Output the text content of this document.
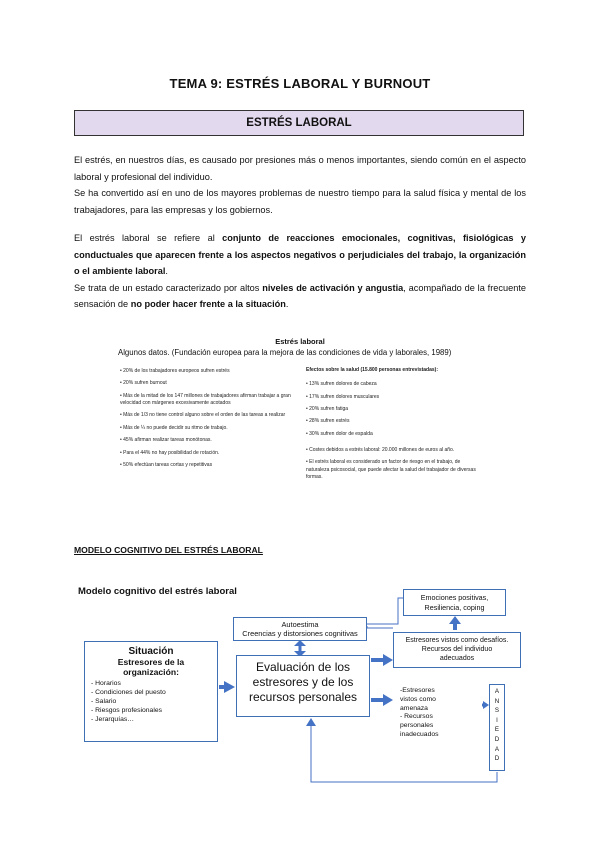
TEMA 9: ESTRÉS LABORAL Y BURNOUT
ESTRÉS LABORAL
El estrés, en nuestros días, es causado por presiones más o menos importantes, siendo común en el aspecto laboral y profesional del individuo.
Se ha convertido así en uno de los mayores problemas de nuestro tiempo para la salud física y mental de los trabajadores, para las empresas y los gobiernos.
El estrés laboral se refiere al conjunto de reacciones emocionales, cognitivas, fisiológicas y conductuales que aparecen frente a los aspectos negativos o perjudiciales del trabajo, la organización o el ambiente laboral.
Se trata de un estado caracterizado por altos niveles de activación y angustia, acompañado de la frecuente sensación de no poder hacer frente a la situación.
Estrés laboral
Algunos datos. (Fundación europea para la mejora de las condiciones de vida y laborales, 1989)
• 20% de los trabajadores europeos sufren estrés
• 20% sufren burnout
• Más de la mitad de los 147 millones de trabajadores afirman trabajar a gran velocidad con márgenes excesivamente acotados
• Más de 1/3 no tiene control alguno sobre el orden de las tareas a realizar
• Más de ¼ no puede decidir su ritmo de trabajo.
• 45% afirman realizar tareas monótonas.
• Para el 44% no hay posibilidad de rotación.
• 50% efectúan tareas cortas y repetitivas
Efectos sobre la salud (15.800 personas entrevistadas):
• 13% sufren dolores de cabeza
• 17% sufren dolores musculares
• 20% sufren fatiga
• 28% sufren estrés
• 30% sufren dolor de espalda
• Costes debidos a estrés laboral: 20.000 millones de euros al año.
• El estrés laboral es considerado un factor de riesgo en el trabajo, de naturaleza psicosocial, que puede afectar la salud del trabajador de diversas formas.
MODELO COGNITIVO DEL ESTRÉS LABORAL
Modelo cognitivo del estrés laboral
Autoestima
Creencias y distorsiones cognitivas
Situación
Estresores de la
organización:
- Horarios
- Condiciones del puesto
- Salario
- Riesgos profesionales
- Jerarquías…
Evaluación de los
estresores y de los
recursos personales
Emociones positivas,
Resiliencia, coping
Estresores vistos como desafíos.
Recursos del individuo
adecuados
-Estresores
vistos como
amenaza
- Recursos
personales
inadecuados
A
N
S
I
E
D
A
D
